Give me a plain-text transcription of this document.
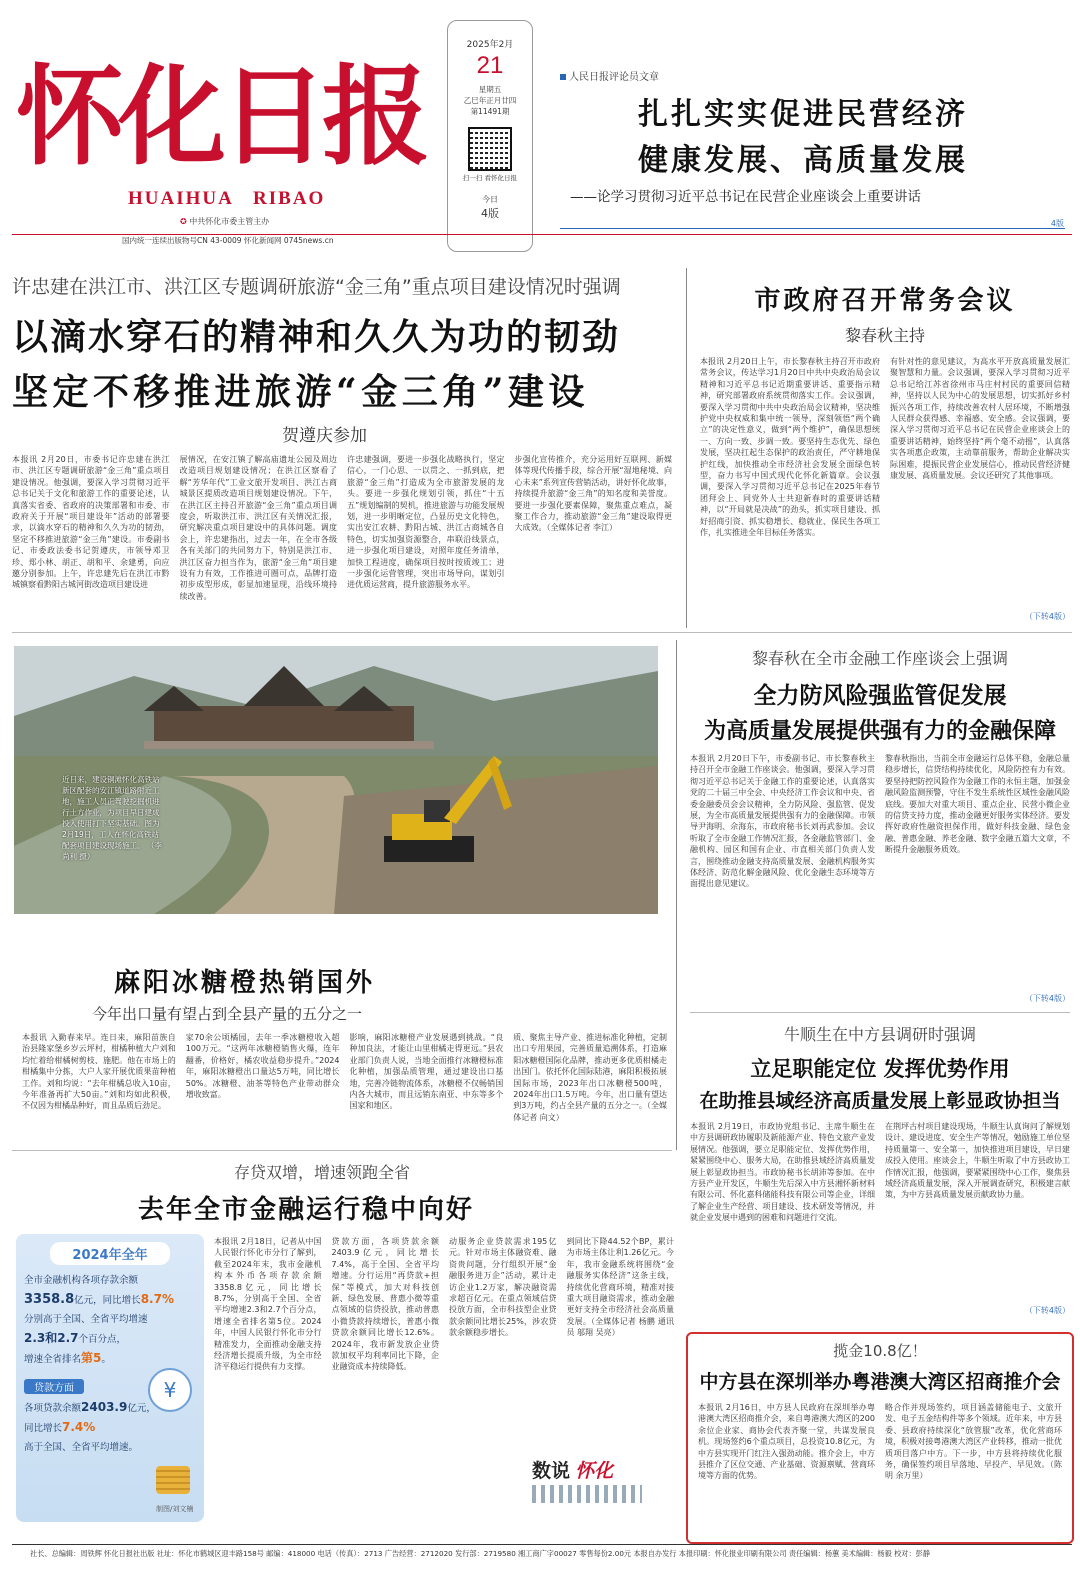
怀化日报
HUAIHUA   RIBAO
✪ 中共怀化市委主管主办
国内统一连续出版物号CN 43-0009 怀化新闻网 0745news.cn
2025年2月
21
星期五
乙巳年正月廿四
第11491期
扫一扫 看怀化日报
今日
4版
人民日报评论员文章
扎扎实实促进民营经济
健康发展、高质量发展
——论学习贯彻习近平总书记在民营企业座谈会上重要讲话
4版
许忠建在洪江市、洪江区专题调研旅游“金三角”重点项目建设情况时强调
以滴水穿石的精神和久久为功的韧劲
坚定不移推进旅游“金三角”建设
贺遵庆参加
本报讯 2月20日，市委书记许忠建在洪江市、洪江区专题调研旅游“金三角”重点项目建设情况。他强调，要深入学习贯彻习近平总书记关于文化和旅游工作的重要论述，认真落实省委、省政府的决策部署和市委、市政府关于开展“项目建设年”活动的部署要求，以滴水穿石的精神和久久为功的韧劲，坚定不移推进旅游“金三角”建设。市委副书记、市委政法委书记贺遵庆，市领导邓卫珍、郑小林、胡正、胡和平、余建勇，向应邀分别参加。上午，许忠建先后在洪江市黔城镇察看黔阳古城河街改造项目建设进
展情况，在安江镇了解高庙遗址公园及周边改造项目规划建设情况；在洪江区察看了解“芳华年代”工业文旅开发项目、洪江古商城景区提质改造项目规划建设情况。下午，在洪江区主持召开旅游“金三角”重点项目调度会，听取洪江市、洪江区有关情况汇报，研究解决重点项目建设中的具体问题。调度会上，许忠建指出，过去一年，在全市各级各有关部门的共同努力下，特别是洪江市、洪江区奋力担当作为，旅游“金三角”项目建设有力有效，工作推进可圈可点，品牌打造初步成型形成，彰显加速显现，沿线环境持续改善。
许忠建强调，要进一步强化战略执行，坚定信心，一门心思、一以贯之、一抓到底，把旅游“金三角”打造成为全市旅游发展的龙头。要进一步强化规划引领，抓住“十五五”规划编制的契机，推进旅游与功能发展规划，进一步明晰定位，凸显历史文化特色，实出安江农耕、黔阳古城、洪江古商城各自特色，切实加强资源整合，串联沿线景点，进一步强化项目建设，对照年度任务清单，加快工程进度，确保项目按时按质竣工；进一步强化运营管理，突出市场导向，谋划引进优质运营商，提升旅游服务水平。
步强化宣传推介，充分运用好互联网、新媒体等现代传播手段，综合开展“湿地秘境、向心未来”系列宣传营销活动，讲好怀化故事，持续提升旅游“金三角”的知名度和美誉度。要进一步强化要素保障，聚焦重点难点，凝聚工作合力，推动旅游“金三角”建设取得更大成效。（全媒体记者 李江）
市政府召开常务会议
黎春秋主持
本报讯 2月20日上午，市长黎春秋主持召开市政府常务会议，传达学习1月20日中共中央政治局会议精神和习近平总书记近期重要讲话、重要指示精神，研究部署政府系统贯彻落实工作。会议强调，要深入学习贯彻中共中央政治局会议精神，坚决维护党中央权威和集中统一领导，深刻领悟“两个确立”的决定性意义，做到“两个维护”，确保思想统一、方向一致、步调一致。要坚持生态优先、绿色发展，坚决扛起生态保护的政治责任，严守耕地保护红线，加快推动全市经济社会发展全面绿色转型，奋力书写中国式现代化怀化新篇章。会议强调，要深入学习贯彻习近平总书记在2025年春节团拜会上、同党外人士共迎新春时的重要讲话精神，以“开局就是决战”的劲头，抓实项目建设、抓好招商引资、抓实稳增长、稳就业、保民生各项工作，扎实推进全年目标任务落实。
有针对性的意见建议，为高水平开放高质量发展汇聚智慧和力量。会议强调，要深入学习贯彻习近平总书记给江苏省徐州市马庄村村民的重要回信精神，坚持以人民为中心的发展思想，切实抓好乡村振兴各项工作，持续改善农村人居环境，不断增强人民群众获得感、幸福感、安全感。会议强调，要深入学习贯彻习近平总书记在民营企业座谈会上的重要讲话精神，始终坚持“两个毫不动摇”，认真落实各项惠企政策，主动靠前服务，帮助企业解决实际困难，提振民营企业发展信心，推动民营经济健康发展、高质量发展。会议还研究了其他事项。
（下转4版）
近日来，建设铜滩怀化高铁站新区配套的安江镇道路附近工地，施工人员正驾驶挖掘机进行土方作业，为项目早日建成投入使用打下坚实基础。图为2月19日，工人在怀化高铁站配套项目建设现场施工。 （李尚利 摄）
黎春秋在全市金融工作座谈会上强调
全力防风险强监管促发展
为高质量发展提供强有力的金融保障
本报讯 2月20日下午，市委副书记、市长黎春秋主持召开全市金融工作座谈会。他强调，要深入学习贯彻习近平总书记关于金融工作的重要论述，认真落实党的二十届三中全会、中央经济工作会议和中央、省委金融委员会会议精神，全力防风险、强监管、促发展，为全市高质量发展提供强有力的金融保障。市领导尹海明、佘海东，市政府秘书长刘再武参加。会议听取了全市金融工作情况汇报，各金融监管部门、金融机构、园区和国有企业、市直相关部门负责人发言，围绕推动金融支持高质量发展、金融机构服务实体经济、防范化解金融风险、优化金融生态环境等方面提出意见建议。
黎春秋指出，当前全市金融运行总体平稳，金融总量稳步增长，信贷结构持续优化，风险防控有力有效。要坚持把防控风险作为金融工作的永恒主题，加强金融风险监测预警，守住不发生系统性区域性金融风险底线。要加大对重大项目、重点企业、民营小微企业的信贷支持力度，推动金融更好服务实体经济。要发挥好政府性融资担保作用，做好科技金融、绿色金融、普惠金融、养老金融、数字金融五篇大文章，不断提升金融服务质效。
（下转4版）
麻阳冰糖橙热销国外
今年出口量有望占到全县产量的五分之一
本报讯 入勤春来早。连日来，麻阳苗族自治县隆家堡乡岁云坪村，柑橘种植大户刘和均忙着给柑橘树剪枝、施肥。他在市场上的柑橘集中分拣，大户人家开展优质果苗种植工作。刘和均说：“去年柑橘总收入10亩，今年准备再扩大50亩。”刘和均如此积极，不仅因为柑橘品种好，而且品质后劲足。
家70余公顷橘园，去年一季冰糖橙收入超100万元。“这两年冰糖橙销售火爆，连年翻番，价格好，橘农收益稳步提升。”2024年，麻阳冰糖橙出口量达5万吨，同比增长50%。冰糖橙、油茶等特色产业带动群众增收致富。
影响，麻阳冰糖橙产业发展遇到挑战。“良种加良法，才能让山里柑橘走得更远。”县农业部门负责人说，当地全面推行冰糖橙标准化种植，加强品质管理，通过建设出口基地，完善冷链物流体系，冰糖橙不仅畅销国内各大城市，而且远销东南亚、中东等多个国家和地区。
质、聚焦主导产业、推进标准化种植，定制出口专用果园，完善质量追溯体系，打造麻阳冰糖橙国际化品牌，推动更多优质柑橘走出国门。依托怀化国际陆港，麻阳积极拓展国际市场，2023年出口冰糖橙500吨，2024年出口1.5万吨。今年，出口量有望达到3万吨，约占全县产量的五分之一。（全媒体记者 向文）
牛顺生在中方县调研时强调
立足职能定位 发挥优势作用
在助推县域经济高质量发展上彰显政协担当
本报讯 2月19日，市政协党组书记、主席牛顺生在中方县调研政协履职及新能源产业、特色文旅产业发展情况。他强调，要立足职能定位、发挥优势作用，紧紧围绕中心、服务大局，在助推县域经济高质量发展上彰显政协担当。市政协秘书长胡沛等参加。在中方县产业开发区，牛顺生先后深入中方县湘怀新材料有限公司、怀化嘉科储能科技有限公司等企业，详细了解企业生产经营、项目建设、技术研发等情况，并就企业发展中遇到的困难和问题进行交流。
在荆坪古村项目建设现场，牛顺生认真询问了解规划设计、建设进度、安全生产等情况，勉励施工单位坚持质量第一、安全第一，加快推进项目建设，早日建成投入使用。座谈会上，牛顺生听取了中方县政协工作情况汇报，他强调，要紧紧围绕中心工作，聚焦县域经济高质量发展，深入开展调查研究，积极建言献策，为中方县高质量发展贡献政协力量。
（下转4版）
存贷双增，增速领跑全省
去年全市金融运行稳中向好
2024年全年
全市金融机构各项存款余额
3358.8亿元，同比增长8.7%
分别高于全国、全省平均增速
2.3和2.7个百分点，
增速全省排名第5。
¥
贷款方面
各项贷款余额2403.9亿元，
同比增长7.4%
高于全国、全省平均增速。
制图/刘文楠
本报讯 2月18日，记者从中国人民银行怀化市分行了解到，截至2024年末，我市金融机构本外币各项存款余额3358.8亿元，同比增长8.7%，分别高于全国、全省平均增速2.3和2.7个百分点，增速全省排名第5位。2024年，中国人民银行怀化市分行精准发力，全面推动金融支持经济增长提质升级，为全市经济平稳运行提供有力支撑。
贷款方面，各项贷款余额2403.9亿元，同比增长7.4%，高于全国、全省平均增速。分行运用“再贷款+担保”等模式，加大对科技创新、绿色发展、普惠小微等重点领域的信贷投放，推动普惠小微贷款持续增长，普惠小微贷款余额同比增长12.6%。2024年，我市新发放企业贷款加权平均利率同比下降，企业融资成本持续降低。
动服务企业贷款需求195亿元。针对市场主体融资难、融资贵问题，分行组织开展“金融服务进万企”活动，累计走访企业1.2万家，解决融资需求超百亿元。在重点领域信贷投放方面，全市科技型企业贷款余额同比增长25%，涉农贷款余额稳步增长。
到同比下降44.52个BP，累计为市场主体让利1.26亿元。今年，我市金融系统将围绕“金融服务实体经济”这条主线，持续优化营商环境，精准对接重大项目融资需求，推动金融更好支持全市经济社会高质量发展。（全媒体记者 杨鹏 通讯员 邬翔 吴亮）
数说 怀化
揽金10.8亿！
中方县在深圳举办粤港澳大湾区招商推介会
本报讯 2月16日，中方县人民政府在深圳举办粤港澳大湾区招商推介会，来自粤港澳大湾区的200余位企业家、商协会代表齐聚一堂，共谋发展良机。现场签约6个重点项目，总投资10.8亿元，为中方县实现开门红注入强劲动能。推介会上，中方县推介了区位交通、产业基础、资源禀赋、营商环境等方面的优势。
略合作并现场签约，项目涵盖储能电子、文旅开发、电子五金结构件等多个领域。近年来，中方县委、县政府持续深化“放管服”改革，优化营商环境，积极对接粤港澳大湾区产业转移，推动一批优质项目落户中方。下一步，中方县将持续优化服务，确保签约项目早落地、早投产、早见效。（陈明 余万里）
社长、总编辑：周铁辉 怀化日报社出版 社址：怀化市鹤城区迎丰路158号 邮编：418000 电话（传真）：2713 广告经营：2712020 发行部：2719580 湘工商广字00027 零售每份2.00元 本报自办发行 本报印刷：怀化报业印刷有限公司 责任编辑：杨蕙 美术编辑：杨毅 校对：彭静
